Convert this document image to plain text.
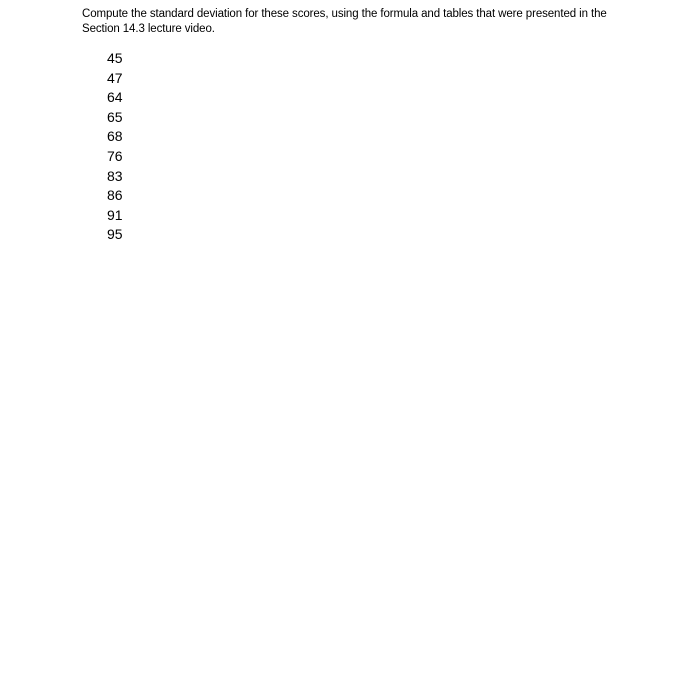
Compute the standard deviation for these scores, using the formula and tables that were presented in the Section 14.3 lecture video.
45
47
64
65
68
76
83
86
91
95
